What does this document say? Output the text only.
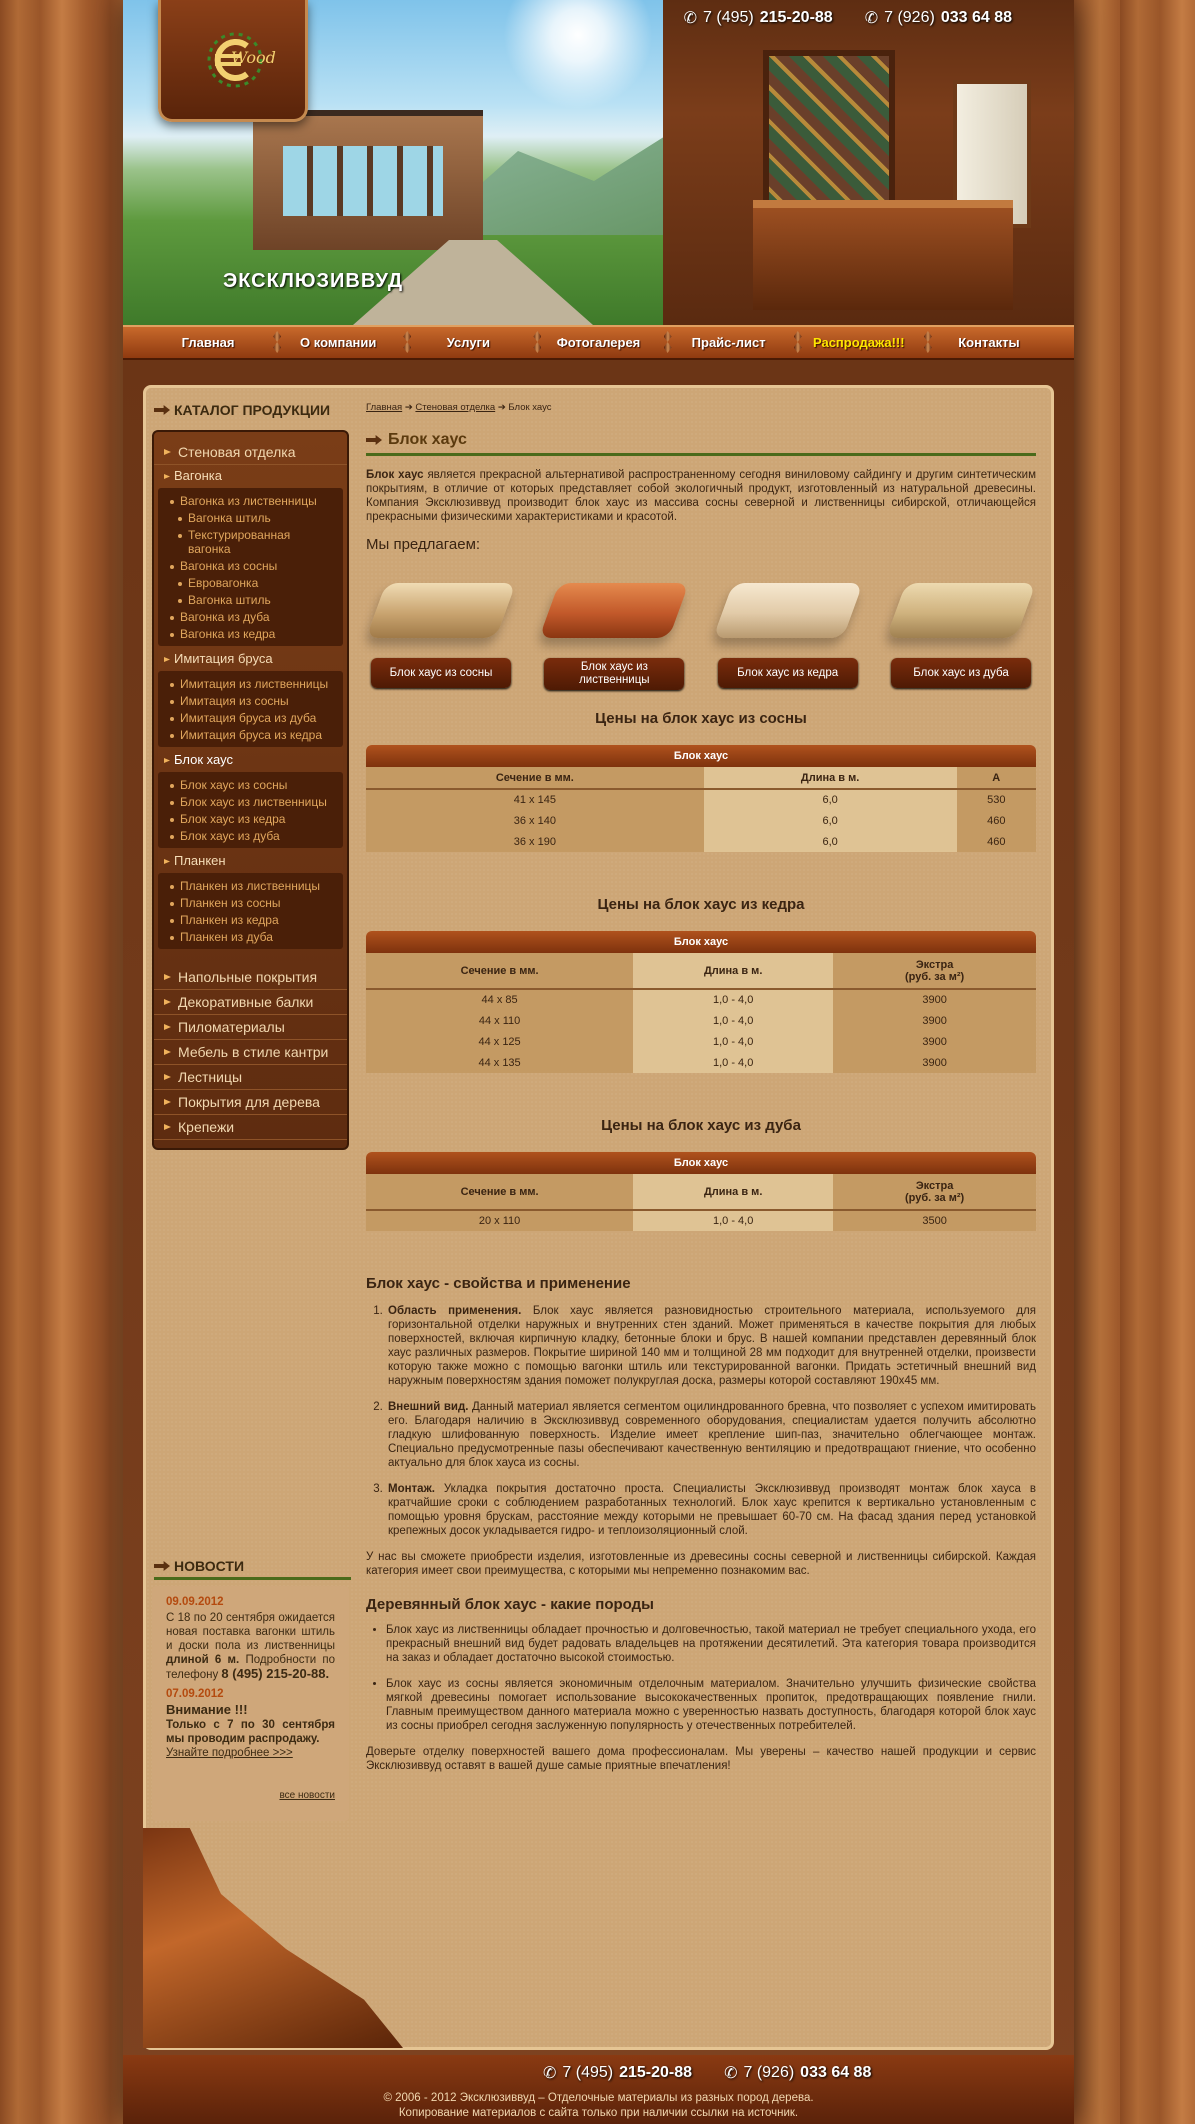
Wood
ЭКСКЛЮЗИВВУД
✆ 7 (495) 215-20-88 ✆ 7 (926) 033 64 88
Главная	О компании	Услуги	Фотогалерея	Прайс-лист	Распродажа!!!	Контакты
КАТАЛОГ ПРОДУКЦИИ
Стеновая отделка
Вагонка
Вагонка из лиственницы
Вагонка штиль
Текстурированная вагонка
Вагонка из сосны
Евровагонка
Вагонка штиль
Вагонка из дуба
Вагонка из кедра
Имитация бруса
Имитация из лиственницы
Имитация из сосны
Имитация бруса из дуба
Имитация бруса из кедра
Блок хаус
Блок хаус из сосны
Блок хаус из лиственницы
Блок хаус из кедра
Блок хаус из дуба
Планкен
Планкен из лиственницы
Планкен из сосны
Планкен из кедра
Планкен из дуба
Напольные покрытия
Декоративные балки
Пиломатериалы
Мебель в стиле кантри
Лестницы
Покрытия для дерева
Крепежи
НОВОСТИ
09.09.2012

С 18 по 20 сентября ожидается новая поставка вагонки штиль и доски пола из лиственницы длиной 6 м. Подробности по телефону 8 (495) 215-20-88.

07.09.2012

Внимание !!!
Только с 7 по 30 сентября мы проводим распродажу.
Узнайте подробнее >>>

все новости
Главная ➔ Стеновая отделка ➔ Блок хаус
Блок хаус

Блок хаус является прекрасной альтернативой распространенному сегодня виниловому сайдингу и другим синтетическим покрытиям, в отличие от которых представляет собой экологичный продукт, изготовленный из натуральной древесины. Компания Эксклюзиввуд производит блок хаус из массива сосны северной и лиственницы сибирской, отличающейся прекрасными физическими характеристиками и красотой.

Мы предлагаем:
Блок хаус из сосны	Блок хаус из лиственницы
Блок хаус из кедра	Блок хаус из дуба
Цены на блок хаус из сосны
Блок хаус		
Сечение в мм.	Длина в м.	А
41 x 145	6,0	530
36 x 140	6,0	460
36 x 190	6,0	460
Цены на блок хаус из кедра
Блок хаус		
Сечение в мм.	Длина в м.	Экстра
(руб. за м²)
44 x 85	1,0 - 4,0	3900
44 x 110	1,0 - 4,0	3900
44 x 125	1,0 - 4,0	3900
44 x 135	1,0 - 4,0	3900
Цены на блок хаус из дуба
Блок хаус		
Сечение в мм.	Длина в м.	Экстра
(руб. за м²)
20 x 110	1,0 - 4,0	3500
Блок хаус - свойства и применение
1. Область применения. Блок хаус является разновидностью строительного материала, используемого для горизонтальной отделки наружных и внутренних стен зданий. Может применяться в качестве покрытия для любых поверхностей, включая кирпичную кладку, бетонные блоки и брус. В нашей компании представлен деревянный блок хаус различных размеров. Покрытие шириной 140 мм и толщиной 28 мм подходит для внутренней отделки, произвести которую также можно с помощью вагонки штиль или текстурированной вагонки. Придать эстетичный внешний вид наружным поверхностям здания поможет полукруглая доска, размеры которой составляют 190х45 мм.
2. Внешний вид. Данный материал является сегментом оцилиндрованного бревна, что позволяет с успехом имитировать его. Благодаря наличию в Эксклюзиввуд современного оборудования, специалистам удается получить абсолютно гладкую шлифованную поверхность. Изделие имеет крепление шип-паз, значительно облегчающее монтаж. Специально предусмотренные пазы обеспечивают качественную вентиляцию и предотвращают гниение, что особенно актуально для блок хауса из сосны.
3. Монтаж. Укладка покрытия достаточно проста. Специалисты Эксклюзиввуд производят монтаж блок хауса в кратчайшие сроки с соблюдением разработанных технологий. Блок хаус крепится к вертикально установленным с помощью уровня брускам, расстояние между которыми не превышает 60-70 см. На фасад здания перед установкой крепежных досок укладывается гидро- и теплоизоляционный слой.

У нас вы сможете приобрести изделия, изготовленные из древесины сосны северной и лиственницы сибирской. Каждая категория имеет свои преимущества, с которыми мы непременно познакомим вас.

Деревянный блок хаус - какие породы
• Блок хаус из лиственницы обладает прочностью и долговечностью, такой материал не требует специального ухода, его прекрасный внешний вид будет радовать владельцев на протяжении десятилетий. Эта категория товара производится на заказ и обладает достаточно высокой стоимостью.
• Блок хаус из сосны является экономичным отделочным материалом. Значительно улучшить физические свойства мягкой древесины помогает использование высококачественных пропиток, предотвращающих появление гнили. Главным преимуществом данного материала можно с уверенностью назвать доступность, благодаря которой блок хаус из сосны приобрел сегодня заслуженную популярность у отечественных потребителей.

Доверьте отделку поверхностей вашего дома профессионалам. Мы уверены – качество нашей продукции и сервис Эксклюзиввуд оставят в вашей душе самые приятные впечатления!

✆ 7 (495) 215-20-88 ✆ 7 (926) 033 64 88
© 2006 - 2012 Эксклюзиввуд – Отделочные материалы из разных пород дерева.
Копирование материалов с сайта только при наличии ссылки на источник.
